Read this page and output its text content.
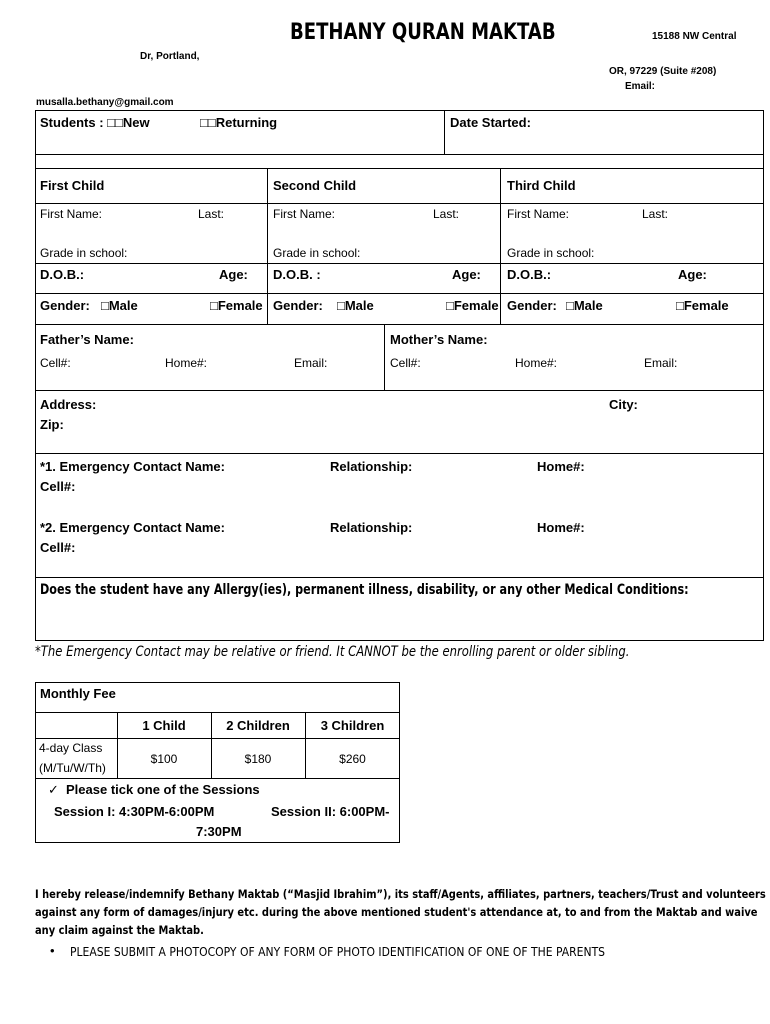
BETHANY QURAN MAKTAB	15188 NW Central
Dr, Portland,
OR, 97229 (Suite #208)
Email:
musalla.bethany@gmail.com
Students : □□New	□□Returning	Date Started:
First Child
First Name:	Last:
Grade in school:
D.O.B.:	Age:
Gender: □Male	□Female
Second Child
First Name:	Last:
Grade in school:
D.O.B. :	Age:
Gender: □Male	□Female
Third Child
First Name:	Last:
Grade in school:
D.O.B.:	Age:
Gender: □Male	□Female
Father’s Name:
Cell#:	Home#:	Email:
Mother’s Name:
Cell#:	Home#:	Email:
Address:	City:
Zip:
*1. Emergency Contact Name:	Relationship:	Home#:
Cell#:
*2. Emergency Contact Name:	Relationship:	Home#:
Cell#:
Does the student have any Allergy(ies), permanent illness, disability, or any other Medical Conditions:
*The Emergency Contact may be relative or friend. It CANNOT be the enrolling parent or older sibling.
Monthly Fee
1 Child	2 Children	3 Children
4-day Class
(M/Tu/W/Th)
$100	$180	$260
✓ Please tick one of the Sessions
Session I: 4:30PM-6:00PM	Session II: 6:00PM-
7:30PM
I hereby release/indemnify Bethany Maktab (“Masjid Ibrahim”), its staff/Agents, affiliates, partners, teachers/Trust and volunteers against any form of damages/injury etc. during the above mentioned student's attendance at, to and from the Maktab and waive any claim against the Maktab.
• PLEASE SUBMIT A PHOTOCOPY OF ANY FORM OF PHOTO IDENTIFICATION OF ONE OF THE PARENTS
